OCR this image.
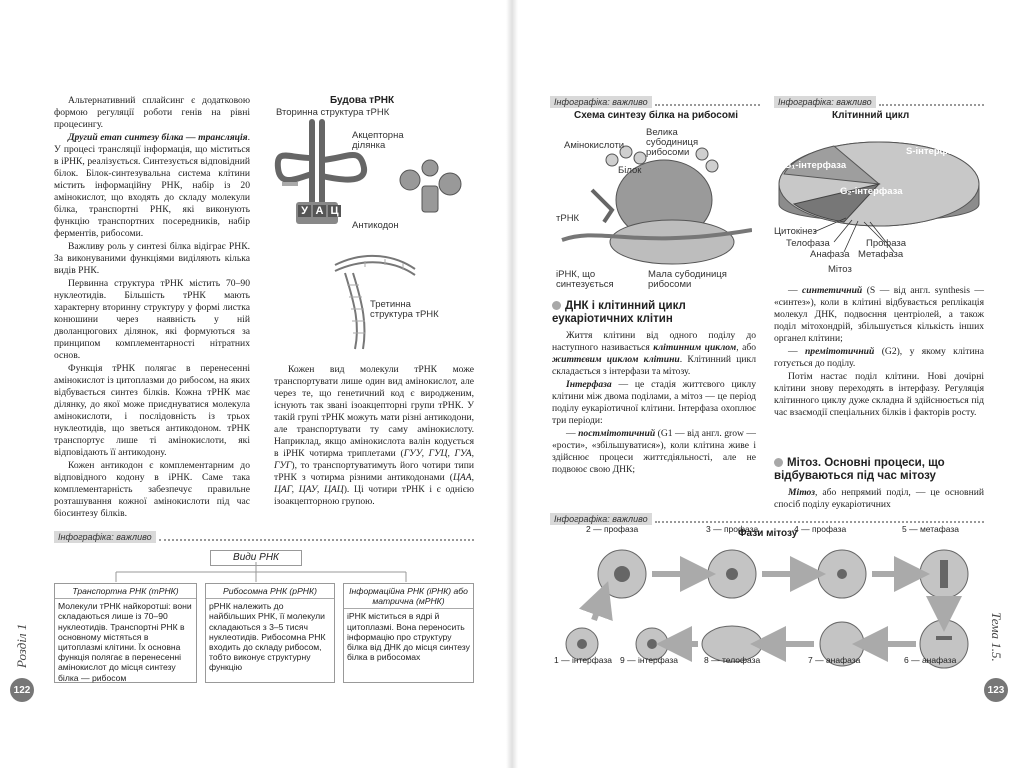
Альтернативний сплайсинг є додатковою формою регуляції роботи генів на рівні процесингу.

Другий етап синтезу білка — трансляція. У процесі трансляції інформація, що міститься в іРНК, реалізується. Синтезується відповідний білок. Білок-синтезувальна система клітини містить інформаційну РНК, набір із 20 амінокислот, що входять до складу молекули білка, транспортні РНК, які виконують функцію транспортних посередників, набір ферментів, рибосоми.

Важливу роль у синтезі білка відіграє РНК. За виконуваними функціями виділяють кілька видів РНК.

Первинна структура тРНК містить 70–90 нуклеотидів. Більшість тРНК мають характерну вторинну структуру у формі листка конюшини через наявність у ній дволанцюгових ділянок, які формуються за принципом комплементарності нітратних основ.

Функція тРНК полягає в перенесенні амінокислот із цитоплазми до рибосом, на яких відбувається синтез білків. Кожна тРНК має ділянку, до якої може приєднуватися молекула амінокислоти, і послідовність із трьох нуклеотидів, що зветься антикодоном. тРНК транспортує лише ті амінокислоти, які відповідають її антикодону.

Кожен антикодон є комплементарним до відповідного кодону в іРНК. Саме така комплементарність забезпечує правильне розташування кожної амінокислоти під час біосинтезу білків.

Будова тРНК
Вторинна структура тРНК
У А Ц
Акцепторна ділянка
Антикодон
Третинна структура тРНК

Кожен вид молекули тРНК може транспортувати лише один вид амінокислот, але через те, що генетичний код є виродженим, існують так звані ізоакцепторні групи тРНК. У такій групі тРНК можуть мати різні антикодони, але транспортувати ту саму амінокислоту. Наприклад, якщо амінокислота валін кодується в іРНК чотирма триплетами (ГУУ, ГУЦ, ГУА, ГУГ), то транспортуватимуть його чотири типи тРНК з чотирма різними антикодонами (ЦАА, ЦАГ, ЦАУ, ЦАЦ). Ці чотири тРНК і є однією ізоакцепторною групою.

Інфографіка: важливо
Види РНК
Транспортна РНК (тРНК)
Молекули тРНК найкоротші: вони складаються лише із 70–90 нуклеотидів. Транспортні РНК в основному містяться в цитоплазмі клітини. Їх основна функція полягає в перенесенні амінокислот до місця синтезу білка — рибосом
Рибосомна РНК (рРНК)
рРНК належить до найбільших РНК, її молекули складаються з 3–5 тисяч нуклеотидів. Рибосомна РНК входить до складу рибосом, тобто виконує структурну функцію
Інформаційна РНК (іРНК) або матрична (мРНК)
іРНК міститься в ядрі й цитоплазмі. Вона переносить інформацію про структуру білка від ДНК до місця синтезу білка в рибосомах
122
Розділ 1
Інфографіка: важливо
Схема синтезу білка на рибосомі
Амінокислоти
Білок
Велика субодиниця рибосоми
тРНК
іРНК, що синтезується
Мала субодиниця рибосоми
ДНК і клітинний цикл еукаріотичних клітин

Життя клітини від одного поділу до наступного називається клітинним циклом, або життєвим циклом клітини. Клітинний цикл складається з інтерфази та мітозу.

Інтерфаза — це стадія життєвого циклу клітини між двома поділами, а мітоз — це період поділу еукаріотичної клітини. Інтерфаза охоплює три періоди:

— постмітотичний (G1 — від англ. grow — «рости», «збільшуватися»), коли клітина живе і здійснює процеси життєдіяльності, але не подвоює свою ДНК;

Інфографіка: важливо
Клітинний цикл
S-інтерфаза
G₁-інтерфаза
G₂-інтерфаза
Цитокінез
Телофаза
Анафаза Метафаза
Профаза
Мітоз

— синтетичний (S — від англ. synthesis — «синтез»), коли в клітині відбувається реплікація молекул ДНК, подвоєння центріолей, а також поділ мітохондрій, збільшується кількість інших органел клітини;

— премітотичний (G2), у якому клітина готується до поділу.

Потім настає поділ клітини. Нові дочірні клітини знову переходять в інтерфазу. Регуляція клітинного циклу дуже складна й здійснюється під час взаємодії спеціальних білків і факторів росту.

Мітоз. Основні процеси, що відбуваються під час мітозу

Мітоз, або непрямий поділ, — це основний спосіб поділу еукаріотичних

Інфографіка: важливо
Фази мітозу
2 — профаза	3 — профаза	4 — профаза	5 — метафаза
1 — інтерфаза 9 — інтерфаза	8 — телофаза	7 — анафаза	6 — анафаза
123
Тема 1.5.
